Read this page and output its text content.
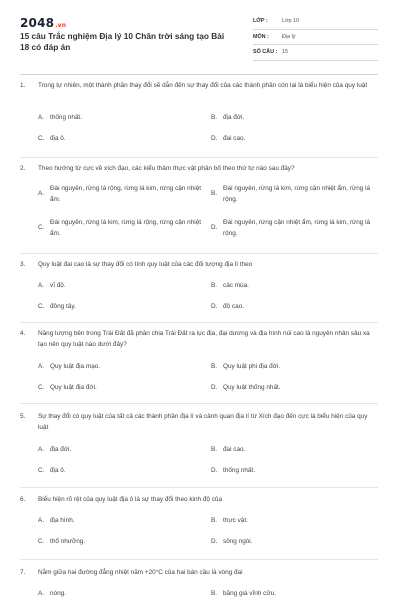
2048.vn
15 câu Trắc nghiệm Địa lý 10 Chân trời sáng tạo Bài 18 có đáp án
LỚP :	Lớp 10
MÔN :	Địa lý
SỐ CÂU : 15
1.	Trong tự nhiên, một thành phần thay đổi sẽ dẫn đến sự thay đổi của các thành phần còn lại là biểu hiện của quy luật
A. thống nhất.	B. địa đới.
C. địa ô.	D. đai cao.
2.	Theo hướng từ cực về xích đạo, các kiểu thảm thực vật phân bố theo thứ tự nào sau đây?
A.
Đài nguyên, rừng lá rộng, rừng lá kim, rừng cận nhiệt ẩm.
B.
Đài nguyên, rừng lá kim, rừng cận nhiệt ẩm, rừng lá rộng.
C.
Đài nguyên, rừng lá kim, rừng lá rộng, rừng cận nhiệt ẩm.
D.
Đài nguyên, rừng cận nhiệt ẩm, rừng lá kim, rừng lá rộng.
3.	Quy luật đai cao là sự thay đổi có tính quy luật của các đối tượng địa lí theo
A. vĩ độ.	B. các mùa.
C. đông tây.	D. độ cao.
4.	Năng lượng bên trong Trái Đất đã phân chia Trái Đất ra lục địa, đại dương và địa hình núi cao là nguyên nhân sâu xa tạo nên quy luật nào dưới đây?
A. Quy luật địa mạo.	B. Quy luật phi địa đới.
C. Quy luật địa đới.	D. Quy luật thống nhất.
5.	Sự thay đổi có quy luật của tất cả các thành phần địa lí và cảnh quan địa lí từ Xích đạo đến cực là biểu hiện của quy luật
A. địa đới.	B. đai cao.
C. địa ô.	D. thống nhất.
6.	Biểu hiện rõ rệt của quy luật địa ô là sự thay đổi theo kinh độ của
A. địa hình.	B. thực vật.
C. thổ nhưỡng.	D. sông ngòi.
7.	Nằm giữa hai đường đẳng nhiệt năm +20°C của hai bán cầu là vòng đai
A. nóng.	B. băng giá vĩnh cửu.
